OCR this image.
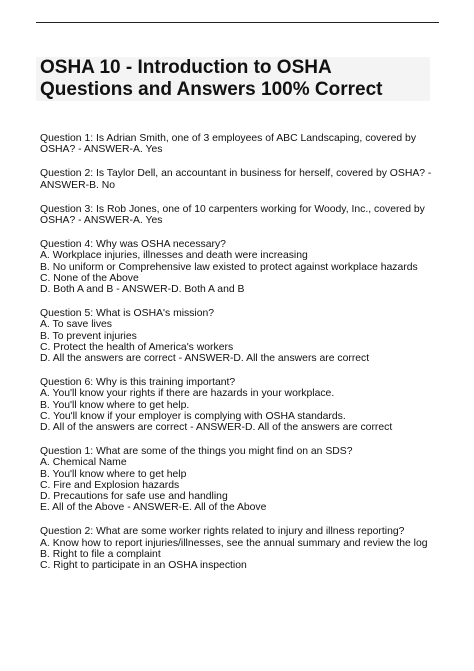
OSHA 10 - Introduction to OSHA
Questions and Answers 100% Correct
Question 1: Is Adrian Smith, one of 3 employees of ABC Landscaping, covered by
OSHA? - ANSWER-A. Yes
Question 2: Is Taylor Dell, an accountant in business for herself, covered by OSHA? -
ANSWER-B. No
Question 3: Is Rob Jones, one of 10 carpenters working for Woody, Inc., covered by
OSHA? - ANSWER-A. Yes
Question 4: Why was OSHA necessary?
A. Workplace injuries, illnesses and death were increasing
B. No uniform or Comprehensive law existed to protect against workplace hazards
C. None of the Above
D. Both A and B - ANSWER-D. Both A and B
Question 5: What is OSHA's mission?
A. To save lives
B. To prevent injuries
C. Protect the health of America's workers
D. All the answers are correct - ANSWER-D. All the answers are correct
Question 6: Why is this training important?
A. You'll know your rights if there are hazards in your workplace.
B. You'll know where to get help.
C. You'll know if your employer is complying with OSHA standards.
D. All of the answers are correct - ANSWER-D. All of the answers are correct
Question 1: What are some of the things you might find on an SDS?
A. Chemical Name
B. You'll know where to get help
C. Fire and Explosion hazards
D. Precautions for safe use and handling
E. All of the Above - ANSWER-E. All of the Above
Question 2: What are some worker rights related to injury and illness reporting?
A. Know how to report injuries/illnesses, see the annual summary and review the log
B. Right to file a complaint
C. Right to participate in an OSHA inspection
